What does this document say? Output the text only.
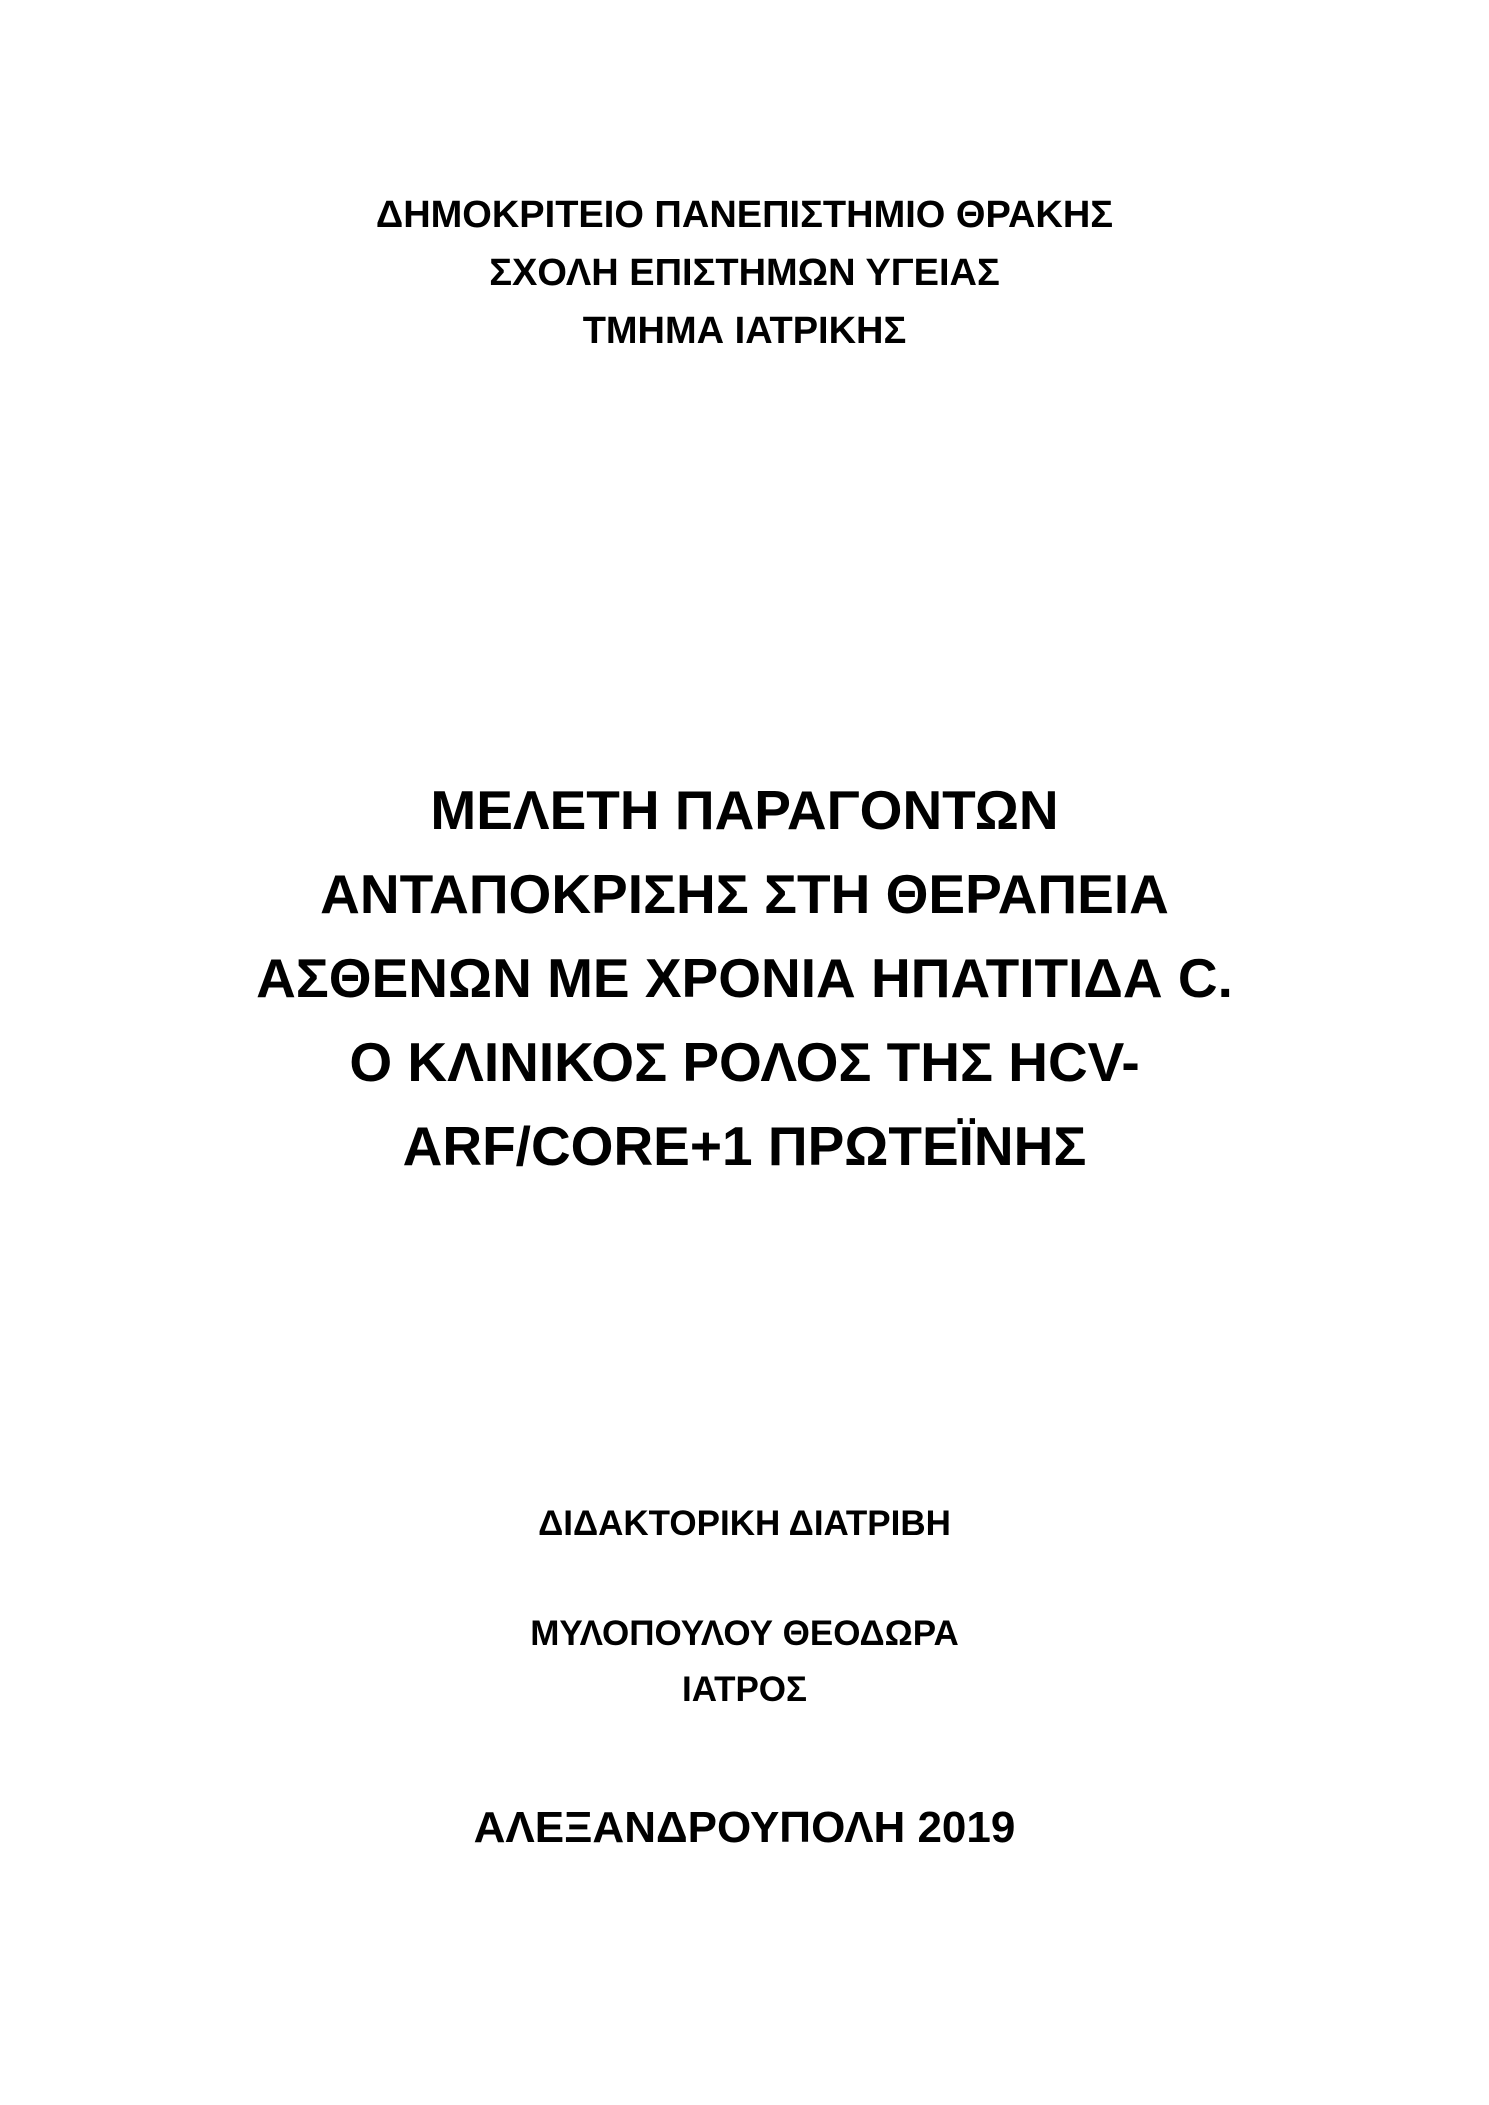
ΔΗΜΟΚΡΙΤΕΙΟ ΠΑΝΕΠΙΣΤΗΜΙΟ ΘΡΑΚΗΣ
ΣΧΟΛΗ ΕΠΙΣΤΗΜΩΝ ΥΓΕΙΑΣ
ΤΜΗΜΑ ΙΑΤΡΙΚΗΣ
ΜΕΛΕΤΗ ΠΑΡΑΓΟΝΤΩΝ
ΑΝΤΑΠΟΚΡΙΣΗΣ ΣΤΗ ΘΕΡΑΠΕΙΑ
ΑΣΘΕΝΩΝ ΜΕ ΧΡΟΝΙΑ ΗΠΑΤΙΤΙΔΑ C.
Ο ΚΛΙΝΙΚΟΣ ΡΟΛΟΣ ΤΗΣ HCV-
ARF/CORE+1 ΠΡΩΤΕΪΝΗΣ
ΔΙΔΑΚΤΟΡΙΚΗ ΔΙΑΤΡΙΒΗ
ΜΥΛΟΠΟΥΛΟΥ ΘΕΟΔΩΡΑ
ΙΑΤΡΟΣ
ΑΛΕΞΑΝΔΡΟΥΠΟΛΗ 2019
